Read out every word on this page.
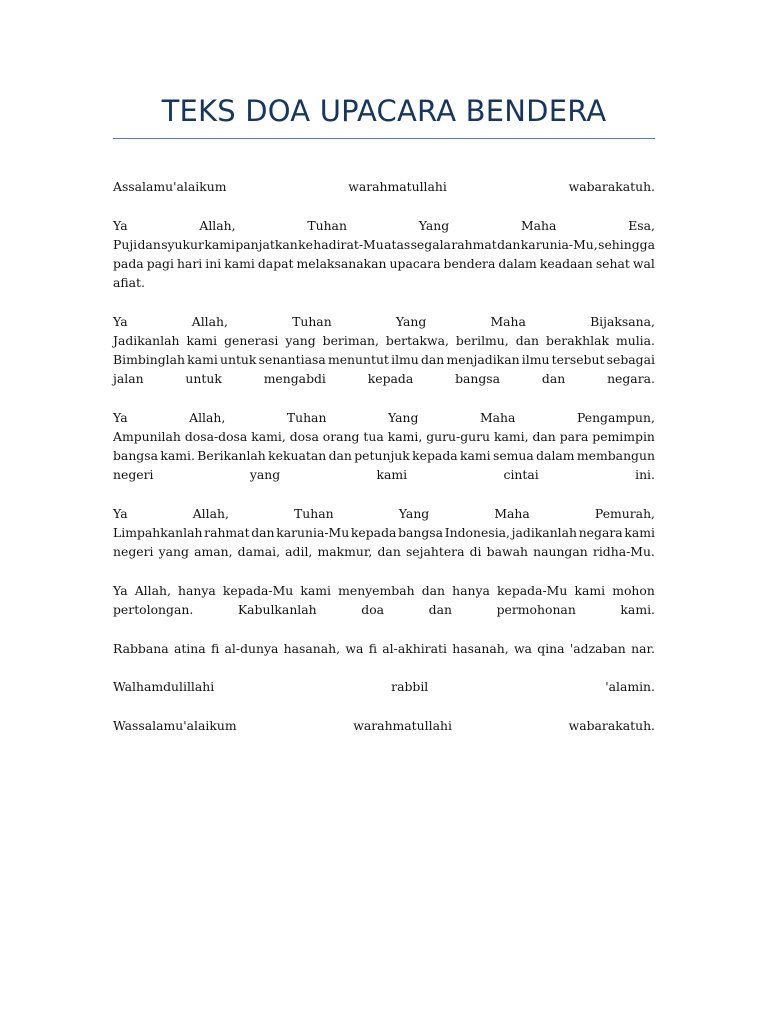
TEKS DOA UPACARA BENDERA
Assalamu'alaikum	warahmatullahi	wabarakatuh.
Ya	Allah,	Tuhan	Yang	Maha	Esa,
Puji dan syukur kami panjatkan ke hadirat-Mu atas segala rahmat dan karunia-Mu, sehingga
pada pagi hari ini kami dapat melaksanakan upacara bendera dalam keadaan sehat wal
afiat.
Ya	Allah,	Tuhan	Yang	Maha	Bijaksana,
Jadikanlah kami generasi yang beriman, bertakwa, berilmu, dan berakhlak mulia.
Bimbinglah kami untuk senantiasa menuntut ilmu dan menjadikan ilmu tersebut sebagai
jalan	untuk	mengabdi	kepada	bangsa	dan	negara.
Ya	Allah,	Tuhan	Yang	Maha	Pengampun,
Ampunilah dosa-dosa kami, dosa orang tua kami, guru-guru kami, dan para pemimpin
bangsa kami. Berikanlah kekuatan dan petunjuk kepada kami semua dalam membangun
negeri	yang	kami	cintai	ini.
Ya	Allah,	Tuhan	Yang	Maha	Pemurah,
Limpahkanlah rahmat dan karunia-Mu kepada bangsa Indonesia, jadikanlah negara kami
negeri yang aman, damai, adil, makmur, dan sejahtera di bawah naungan ridha-Mu.
Ya Allah, hanya kepada-Mu kami menyembah dan hanya kepada-Mu kami mohon
pertolongan.	Kabulkanlah	doa	dan	permohonan	kami.
Rabbana atina fi al-dunya hasanah, wa fi al-akhirati hasanah, wa qina 'adzaban nar.
Walhamdulillahi	rabbil	'alamin.
Wassalamu'alaikum	warahmatullahi	wabarakatuh.
